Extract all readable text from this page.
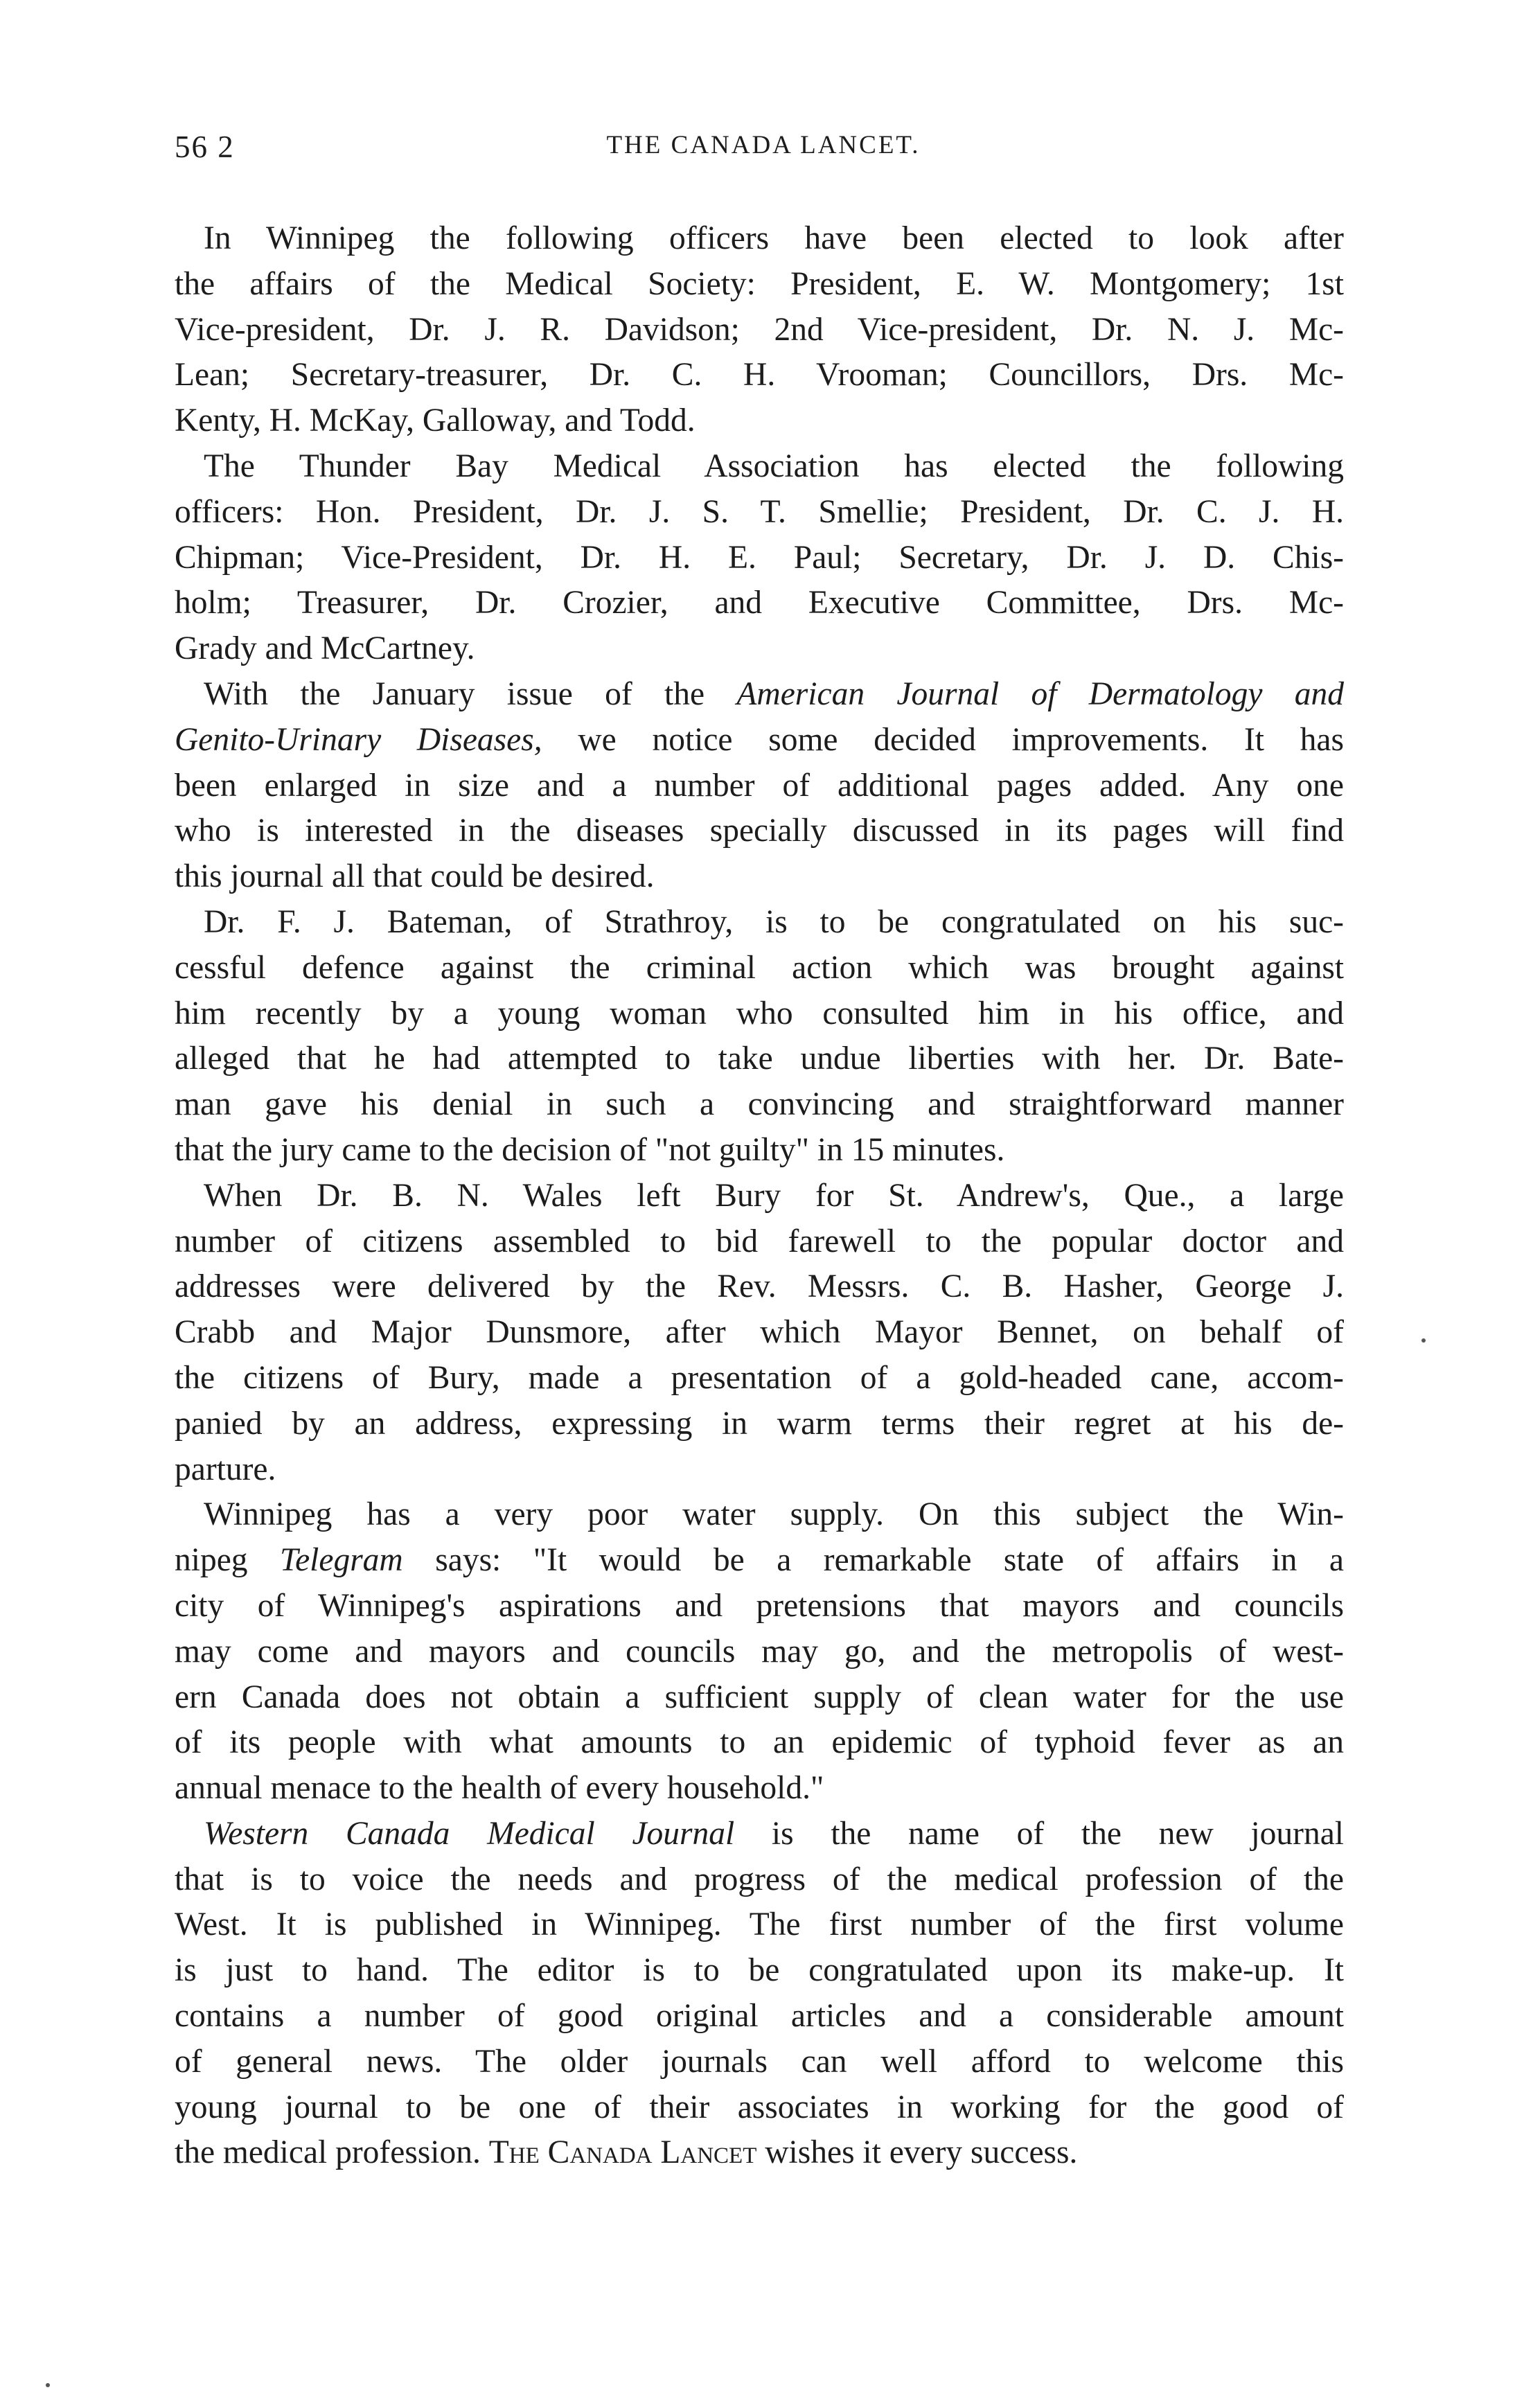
56 2	THE CANADA LANCET.
In Winnipeg the following officers have been elected to look after
the affairs of the Medical Society: President, E. W. Montgomery; 1st
Vice-president, Dr. J. R. Davidson; 2nd Vice-president, Dr. N. J. Mc-
Lean; Secretary-treasurer, Dr. C. H. Vrooman; Councillors, Drs. Mc-
Kenty, H. McKay, Galloway, and Todd.
The Thunder Bay Medical Association has elected the following
officers: Hon. President, Dr. J. S. T. Smellie; President, Dr. C. J. H.
Chipman; Vice-President, Dr. H. E. Paul; Secretary, Dr. J. D. Chis-
holm; Treasurer, Dr. Crozier, and Executive Committee, Drs. Mc-
Grady and McCartney.
With the January issue of the American Journal of Dermatology and
Genito-Urinary Diseases, we notice some decided improvements. It has
been enlarged in size and a number of additional pages added. Any one
who is interested in the diseases specially discussed in its pages will find
this journal all that could be desired.
Dr. F. J. Bateman, of Strathroy, is to be congratulated on his suc-
cessful defence against the criminal action which was brought against
him recently by a young woman who consulted him in his office, and
alleged that he had attempted to take undue liberties with her. Dr. Bate-
man gave his denial in such a convincing and straightforward manner
that the jury came to the decision of "not guilty" in 15 minutes.
When Dr. B. N. Wales left Bury for St. Andrew's, Que., a large
number of citizens assembled to bid farewell to the popular doctor and
addresses were delivered by the Rev. Messrs. C. B. Hasher, George J.
Crabb and Major Dunsmore, after which Mayor Bennet, on behalf of
the citizens of Bury, made a presentation of a gold-headed cane, accom-
panied by an address, expressing in warm terms their regret at his de-
parture.
Winnipeg has a very poor water supply. On this subject the Win-
nipeg Telegram says: "It would be a remarkable state of affairs in a
city of Winnipeg's aspirations and pretensions that mayors and councils
may come and mayors and councils may go, and the metropolis of west-
ern Canada does not obtain a sufficient supply of clean water for the use
of its people with what amounts to an epidemic of typhoid fever as an
annual menace to the health of every household."
Western Canada Medical Journal is the name of the new journal
that is to voice the needs and progress of the medical profession of the
West. It is published in Winnipeg. The first number of the first volume
is just to hand. The editor is to be congratulated upon its make-up. It
contains a number of good original articles and a considerable amount
of general news. The older journals can well afford to welcome this
young journal to be one of their associates in working for the good of
the medical profession. The Canada Lancet wishes it every success.
